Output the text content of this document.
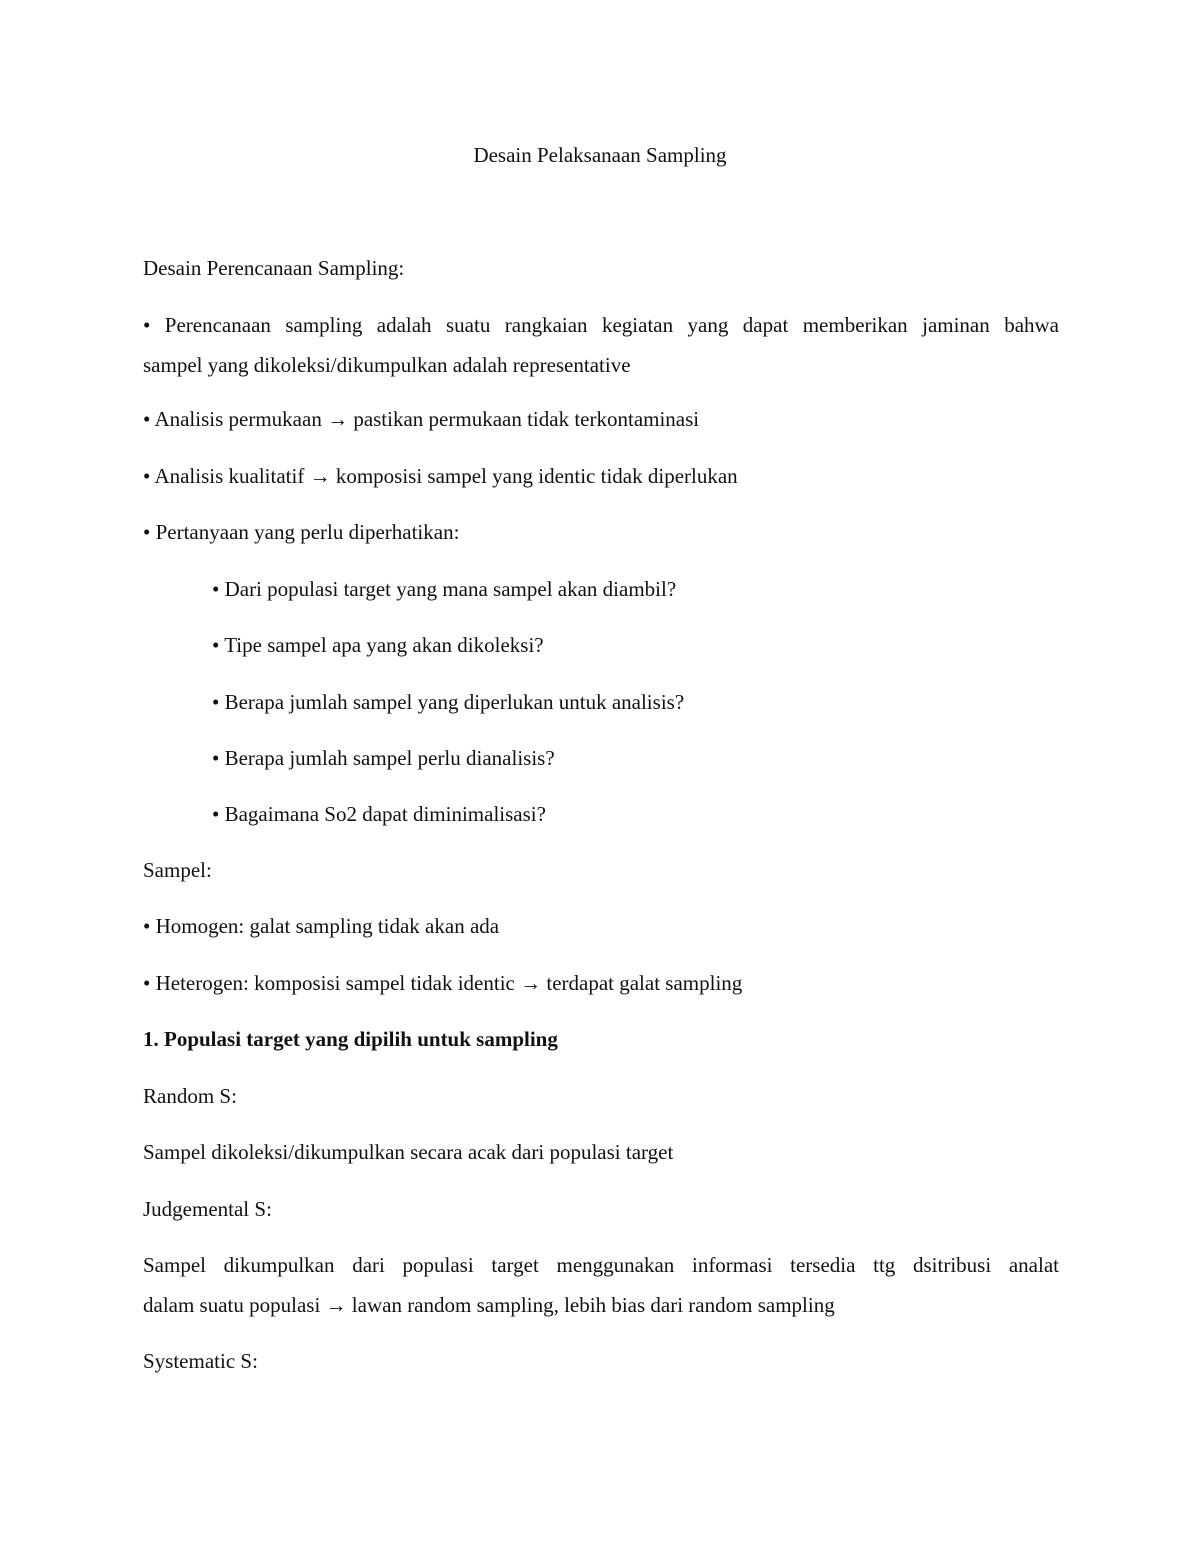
Desain Pelaksanaan Sampling
Desain Perencanaan Sampling:
• Perencanaan sampling adalah suatu rangkaian kegiatan yang dapat memberikan jaminan bahwa
sampel yang dikoleksi/dikumpulkan adalah representative
• Analisis permukaan → pastikan permukaan tidak terkontaminasi
• Analisis kualitatif → komposisi sampel yang identic tidak diperlukan
• Pertanyaan yang perlu diperhatikan:
• Dari populasi target yang mana sampel akan diambil?
• Tipe sampel apa yang akan dikoleksi?
• Berapa jumlah sampel yang diperlukan untuk analisis?
• Berapa jumlah sampel perlu dianalisis?
• Bagaimana So2 dapat diminimalisasi?
Sampel:
• Homogen: galat sampling tidak akan ada
• Heterogen: komposisi sampel tidak identic → terdapat galat sampling
1. Populasi target yang dipilih untuk sampling
Random S:
Sampel dikoleksi/dikumpulkan secara acak dari populasi target
Judgemental S:
Sampel dikumpulkan dari populasi target menggunakan informasi tersedia ttg dsitribusi analat
dalam suatu populasi → lawan random sampling, lebih bias dari random sampling
Systematic S:
